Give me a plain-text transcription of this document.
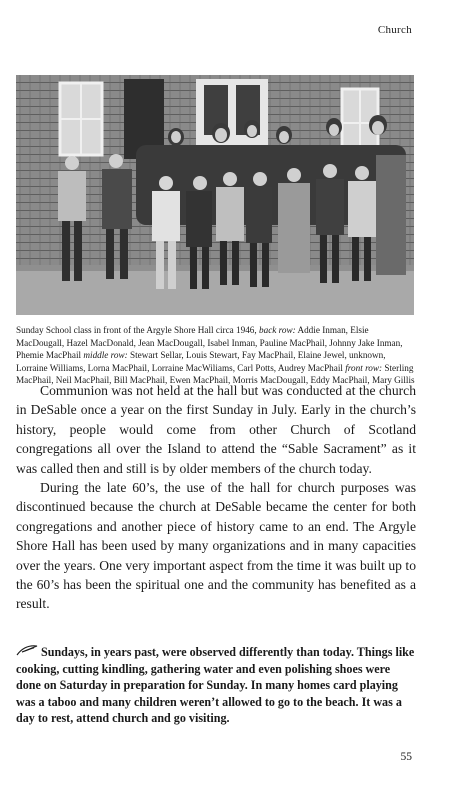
Church
Sunday School class in front of the Argyle Shore Hall circa 1946, back row: Addie Inman, Elsie MacDougall, Hazel MacDonald, Jean MacDougall, Isabel Inman, Pauline MacPhail, Johnny Jake Inman, Phemie MacPhail middle row: Stewart Sellar, Louis Stewart, Fay MacPhail, Elaine Jewel, unknown, Lorraine Williams, Lorna MacPhail, Lorraine MacWiliams, Carl Potts, Audrey MacPhail front row: Sterling MacPhail, Neil MacPhail, Bill MacPhail, Ewen MacPhail, Morris MacDougall, Eddy MacPhail, Mary Gillis

Communion was not held at the hall but was conducted at the church in DeSable once a year on the first Sunday in July. Early in the church’s history, people would come from other Church of Scotland congregations all over the Island to attend the “Sable Sacrament” as it was called then and still is by older members of the church today.

During the late 60’s, the use of the hall for church purposes was discontinued because the church at DeSable became the center for both congregations and another piece of history came to an end. The Argyle Shore Hall has been used by many organizations and in many capacities over the years. One very important aspect from the time it was built up to the 60’s has been the spiritual one and the community has benefited as a result.

Sundays, in years past, were observed differently than today. Things like cooking, cutting kindling, gathering water and even polishing shoes were done on Saturday in preparation for Sunday. In many homes card playing was a taboo and many children weren’t allowed to go to the beach. It was a day to rest, attend church and go visiting.
55
